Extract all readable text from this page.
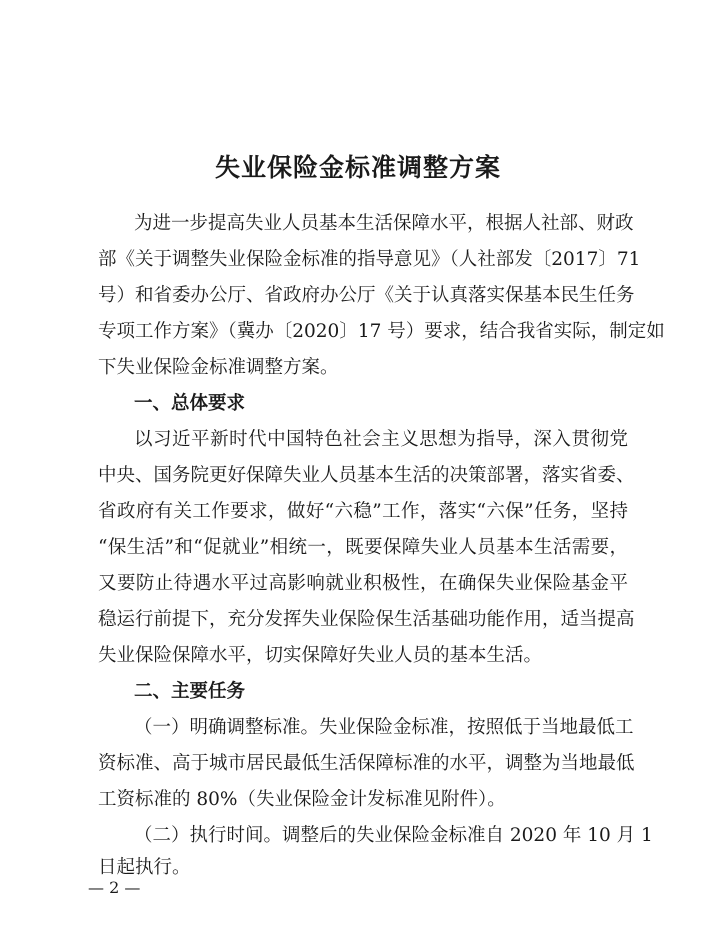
失业保险金标准调整方案
为进一步提高失业人员基本生活保障水平，根据人社部、财政
部《关于调整失业保险金标准的指导意见》（人社部发〔2017〕71
号）和省委办公厅、省政府办公厅《关于认真落实保基本民生任务
专项工作方案》（冀办〔2020〕17 号）要求，结合我省实际，制定如
下失业保险金标准调整方案。
一、总体要求
以习近平新时代中国特色社会主义思想为指导，深入贯彻党
中央、国务院更好保障失业人员基本生活的决策部署，落实省委、
省政府有关工作要求，做好“六稳”工作，落实“六保”任务，坚持
“保生活”和“促就业”相统一，既要保障失业人员基本生活需要，
又要防止待遇水平过高影响就业积极性，在确保失业保险基金平
稳运行前提下，充分发挥失业保险保生活基础功能作用，适当提高
失业保险保障水平，切实保障好失业人员的基本生活。
二、主要任务
（一）明确调整标准。失业保险金标准，按照低于当地最低工
资标准、高于城市居民最低生活保障标准的水平，调整为当地最低
工资标准的 80%（失业保险金计发标准见附件）。
（二）执行时间。调整后的失业保险金标准自 2020 年 10 月 1
日起执行。
— 2 —
